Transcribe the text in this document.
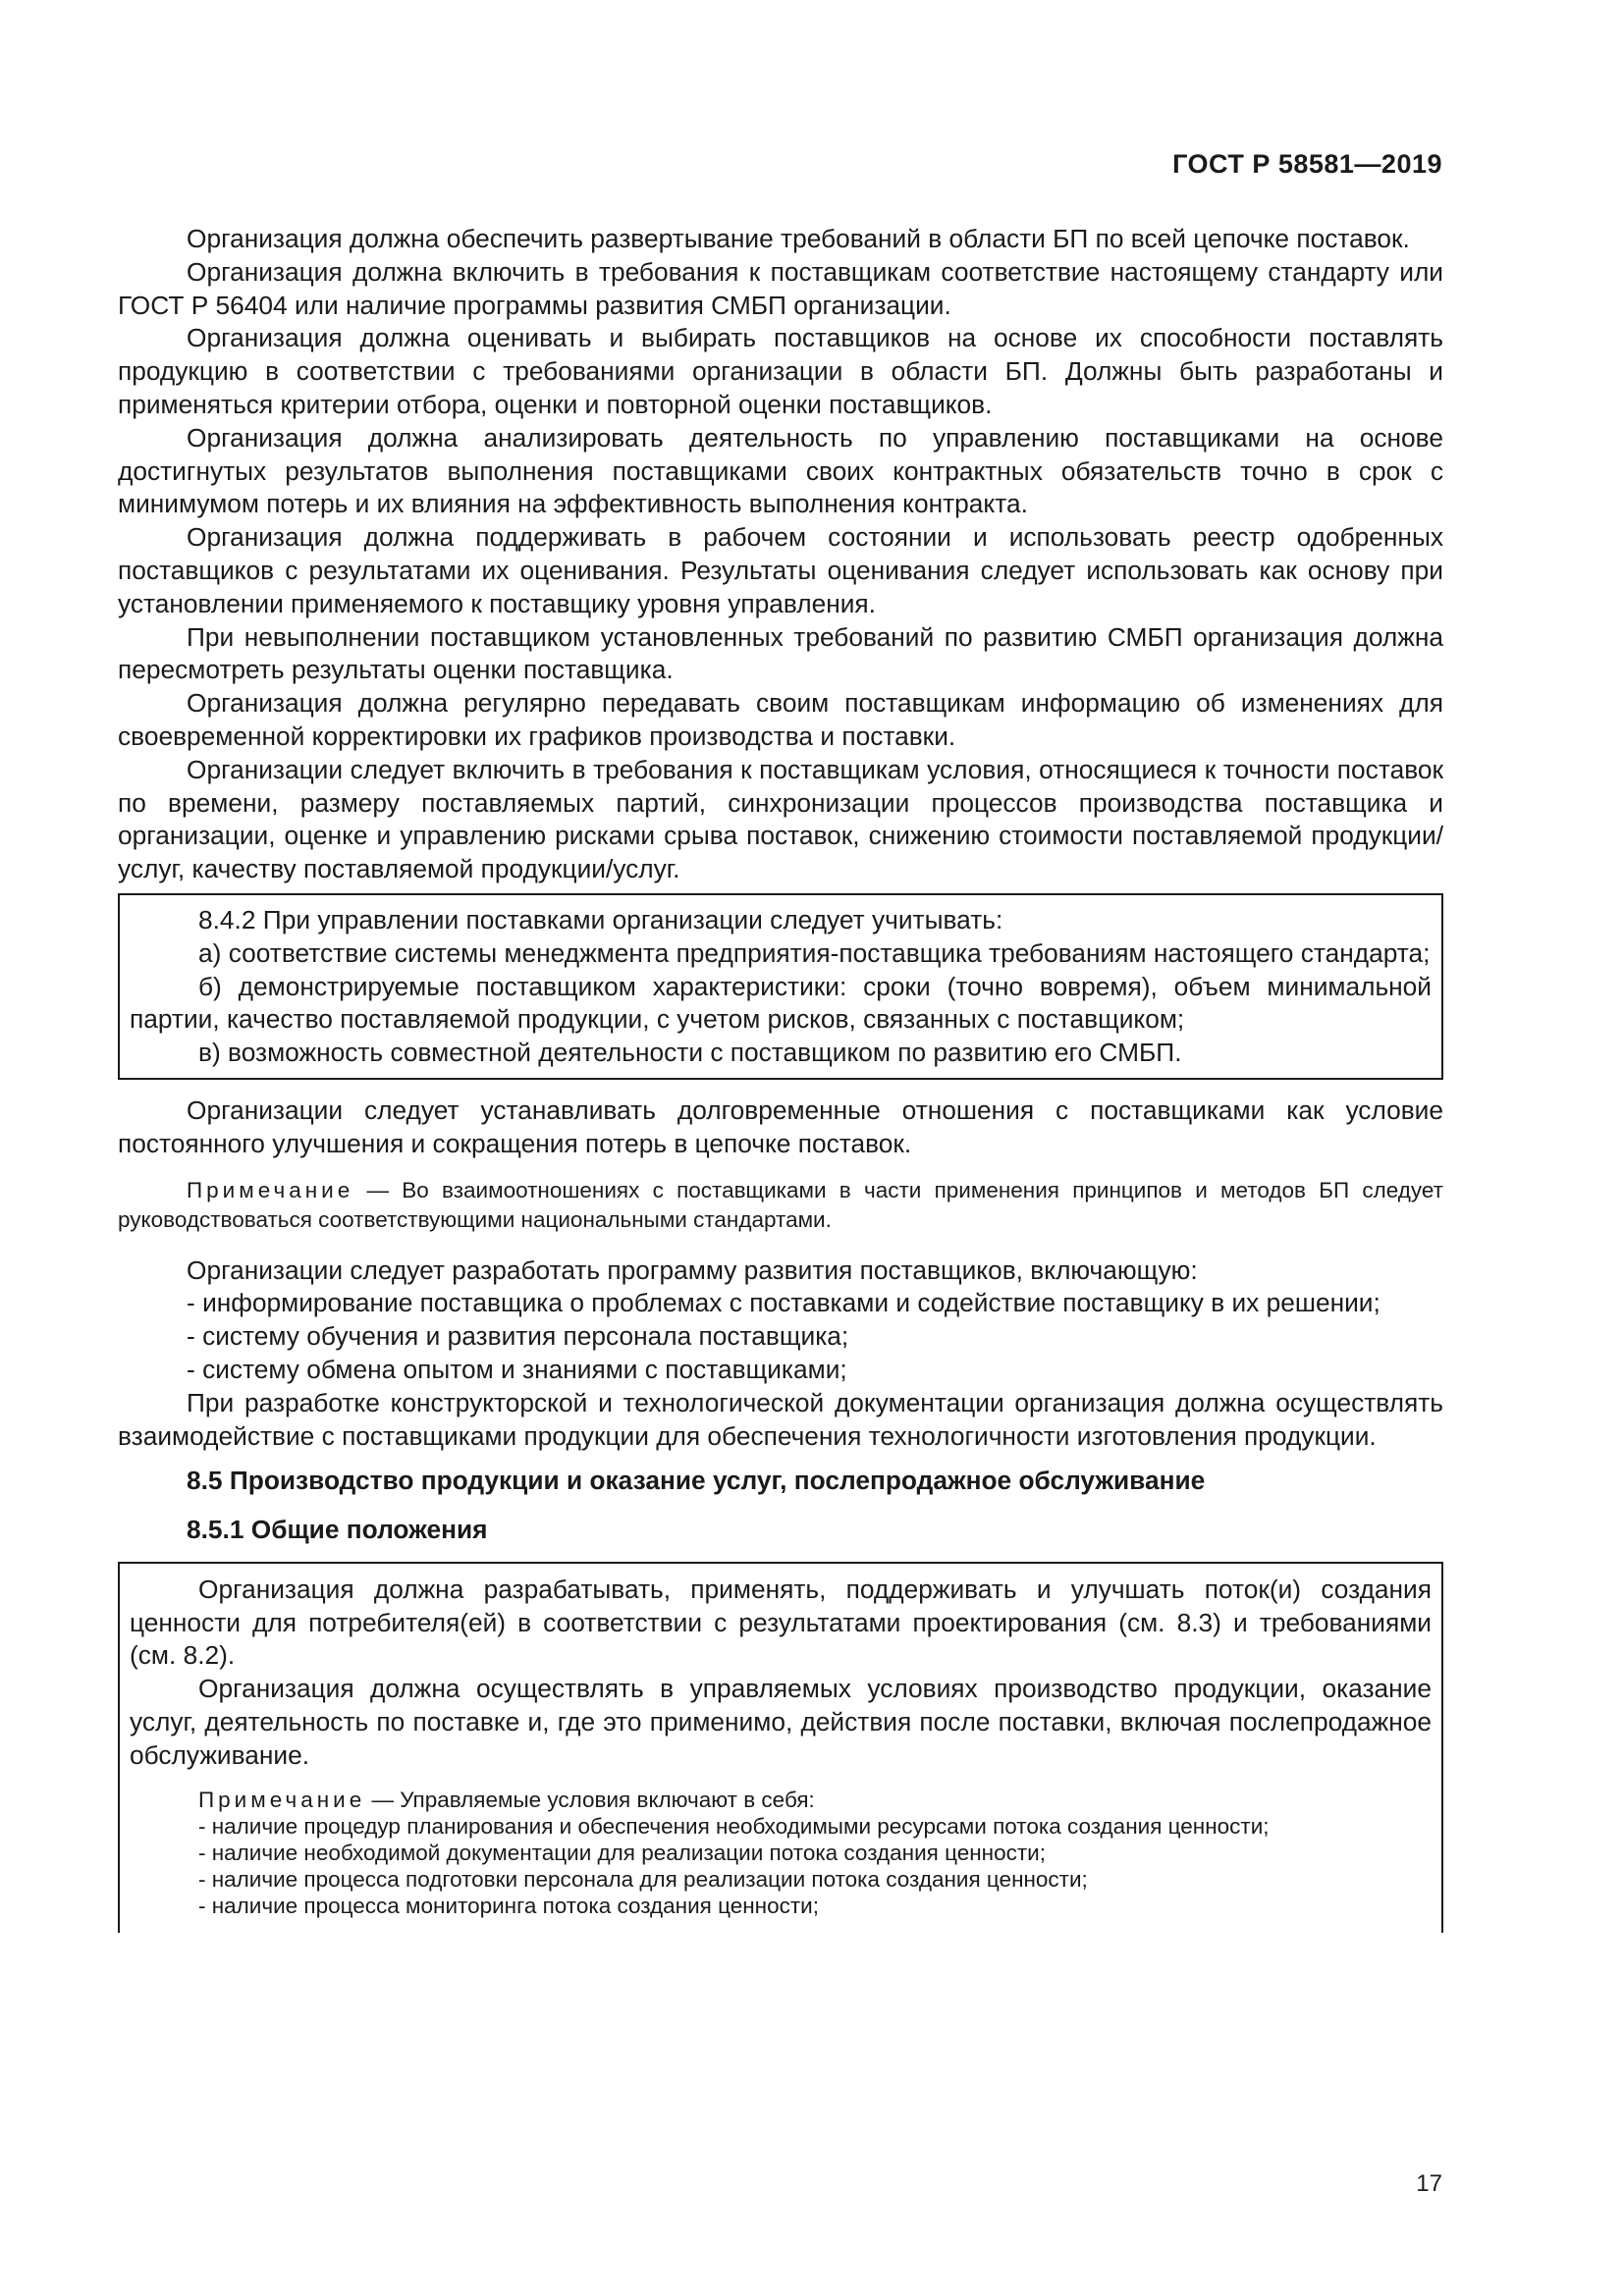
ГОСТ Р 58581—2019

Организация должна обеспечить развертывание требований в области БП по всей цепочке поставок.

Организация должна включить в требования к поставщикам соответствие настоящему стандарту или ГОСТ Р 56404 или наличие программы развития СМБП организации.

Организация должна оценивать и выбирать поставщиков на основе их способности поставлять продукцию в соответствии с требованиями организации в области БП. Должны быть разработаны и применяться критерии отбора, оценки и повторной оценки поставщиков.

Организация должна анализировать деятельность по управлению поставщиками на основе достигнутых результатов выполнения поставщиками своих контрактных обязательств точно в срок с минимумом потерь и их влияния на эффективность выполнения контракта.

Организация должна поддерживать в рабочем состоянии и использовать реестр одобренных поставщиков с результатами их оценивания. Результаты оценивания следует использовать как основу при установлении применяемого к поставщику уровня управления.

При невыполнении поставщиком установленных требований по развитию СМБП организация должна пересмотреть результаты оценки поставщика.

Организация должна регулярно передавать своим поставщикам информацию об изменениях для своевременной корректировки их графиков производства и поставки.

Организации следует включить в требования к поставщикам условия, относящиеся к точности поставок по времени, размеру поставляемых партий, синхронизации процессов производства поставщика и организации, оценке и управлению рисками срыва поставок, снижению стоимости поставляемой продукции/услуг, качеству поставляемой продукции/услуг.

8.4.2 При управлении поставками организации следует учитывать:

а) соответствие системы менеджмента предприятия-поставщика требованиям настоящего стандарта;

б) демонстрируемые поставщиком характеристики: сроки (точно вовремя), объем минимальной партии, качество поставляемой продукции, с учетом рисков, связанных с поставщиком;

в) возможность совместной деятельности с поставщиком по развитию его СМБП.

Организации следует устанавливать долговременные отношения с поставщиками как условие постоянного улучшения и сокращения потерь в цепочке поставок.

Примечание — Во взаимоотношениях с поставщиками в части применения принципов и методов БП следует руководствоваться соответствующими национальными стандартами.

Организации следует разработать программу развития поставщиков, включающую:

- информирование поставщика о проблемах с поставками и содействие поставщику в их решении;

- систему обучения и развития персонала поставщика;

- систему обмена опытом и знаниями с поставщиками;

При разработке конструкторской и технологической документации организация должна осуществлять взаимодействие с поставщиками продукции для обеспечения технологичности изготовления продукции.

8.5 Производство продукции и оказание услуг, послепродажное обслуживание

8.5.1 Общие положения

Организация должна разрабатывать, применять, поддерживать и улучшать поток(и) создания ценности для потребителя(ей) в соответствии с результатами проектирования (см. 8.3) и требованиями (см. 8.2).

Организация должна осуществлять в управляемых условиях производство продукции, оказание услуг, деятельность по поставке и, где это применимо, действия после поставки, включая послепродажное обслуживание.

Примечание — Управляемые условия включают в себя:

- наличие процедур планирования и обеспечения необходимыми ресурсами потока создания ценности;

- наличие необходимой документации для реализации потока создания ценности;

- наличие процесса подготовки персонала для реализации потока создания ценности;

- наличие процесса мониторинга потока создания ценности;

17
